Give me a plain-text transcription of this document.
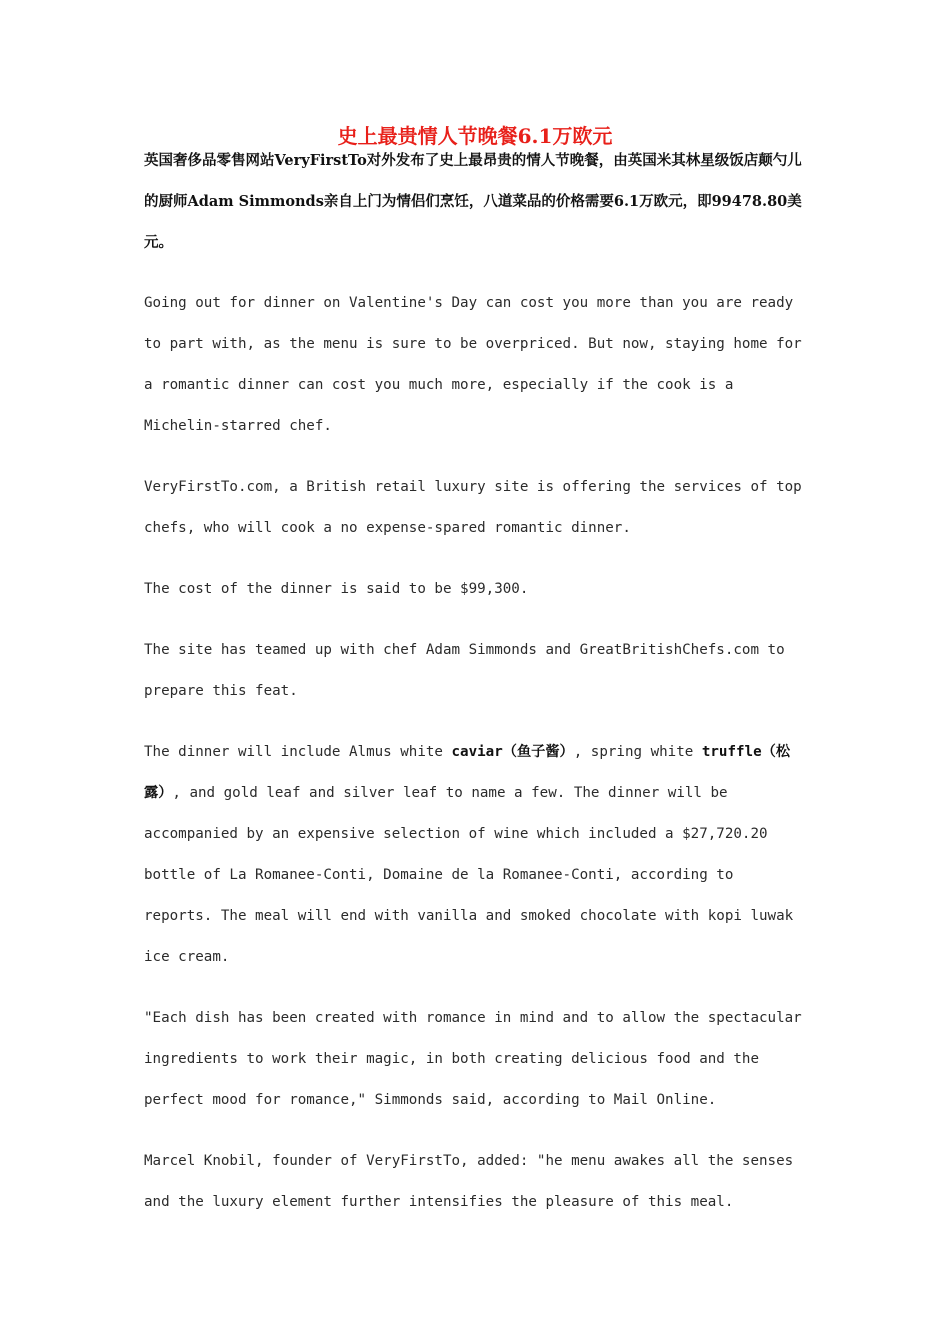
史上最贵情人节晚餐6.1万欧元

英国奢侈品零售网站VeryFirstTo对外发布了史上最昂贵的情人节晚餐，由英国米其林星级饭店颠勺儿的厨师Adam Simmonds亲自上门为情侣们烹饪，八道菜品的价格需要6.1万欧元，即99478.80美元。

Going out for dinner on Valentine's Day can cost you more than you are ready to part with, as the menu is sure to be overpriced. But now, staying home for a romantic dinner can cost you much more, especially if the cook is a Michelin-starred chef.

VeryFirstTo.com, a British retail luxury site is offering the services of top chefs, who will cook a no expense-spared romantic dinner.

The cost of the dinner is said to be $99,300.

The site has teamed up with chef Adam Simmonds and GreatBritishChefs.com to prepare this feat.

The dinner will include Almus white caviar（鱼子酱）, spring white truffle（松露）, and gold leaf and silver leaf to name a few. The dinner will be accompanied by an expensive selection of wine which included a $27,720.20 bottle of La Romanee-Conti, Domaine de la Romanee-Conti, according to reports. The meal will end with vanilla and smoked chocolate with kopi luwak ice cream.

"Each dish has been created with romance in mind and to allow the spectacular ingredients to work their magic, in both creating delicious food and the perfect mood for romance," Simmonds said, according to Mail Online.

Marcel Knobil, founder of VeryFirstTo, added: "he menu awakes all the senses and the luxury element further intensifies the pleasure of this meal.
